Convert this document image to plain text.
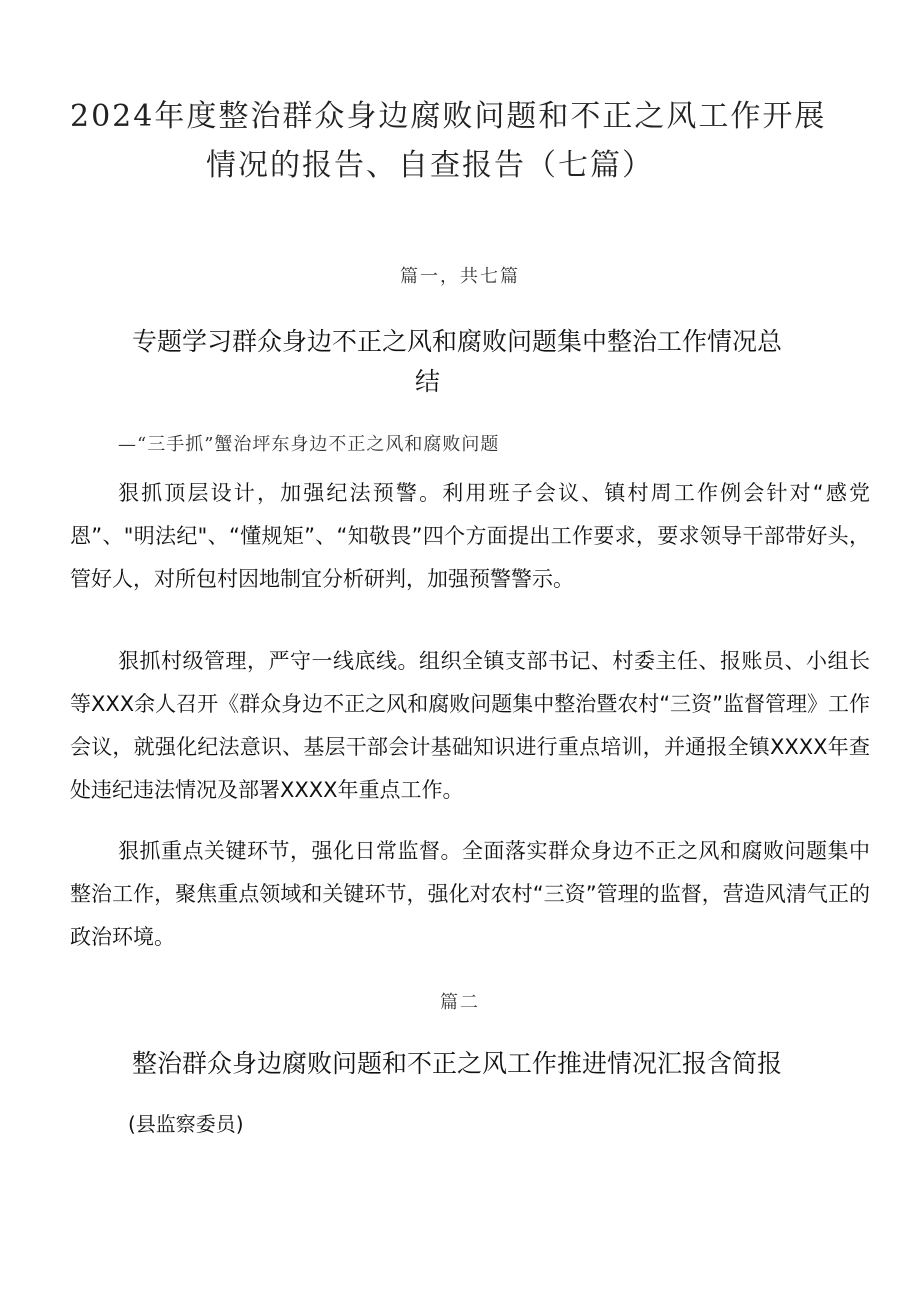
2024年度整治群众身边腐败问题和不正之风工作开展
情况的报告、自查报告（七篇）
篇一，共七篇
专题学习群众身边不正之风和腐败问题集中整治工作情况总
结
—“三手抓”蟹治坪东身边不正之风和腐败问题

狠抓顶层设计，加强纪法预警。利用班子会议、镇村周工作例会针对“感党恩”、"明法纪"、“懂规矩”、“知敬畏”四个方面提出工作要求，要求领导干部带好头，管好人，对所包村因地制宜分析研判，加强预警警示。

狠抓村级管理，严守一线底线。组织全镇支部书记、村委主任、报账员、小组长等XXX余人召开《群众身边不正之风和腐败问题集中整治暨农村“三资”监督管理》工作会议，就强化纪法意识、基层干部会计基础知识进行重点培训，并通报全镇XXXX年查处违纪违法情况及部署XXXX年重点工作。

狠抓重点关键环节，强化日常监督。全面落实群众身边不正之风和腐败问题集中整治工作，聚焦重点领域和关键环节，强化对农村“三资”管理的监督，营造风清气正的政治环境。

篇二
整治群众身边腐败问题和不正之风工作推进情况汇报含简报
(县监察委员)
